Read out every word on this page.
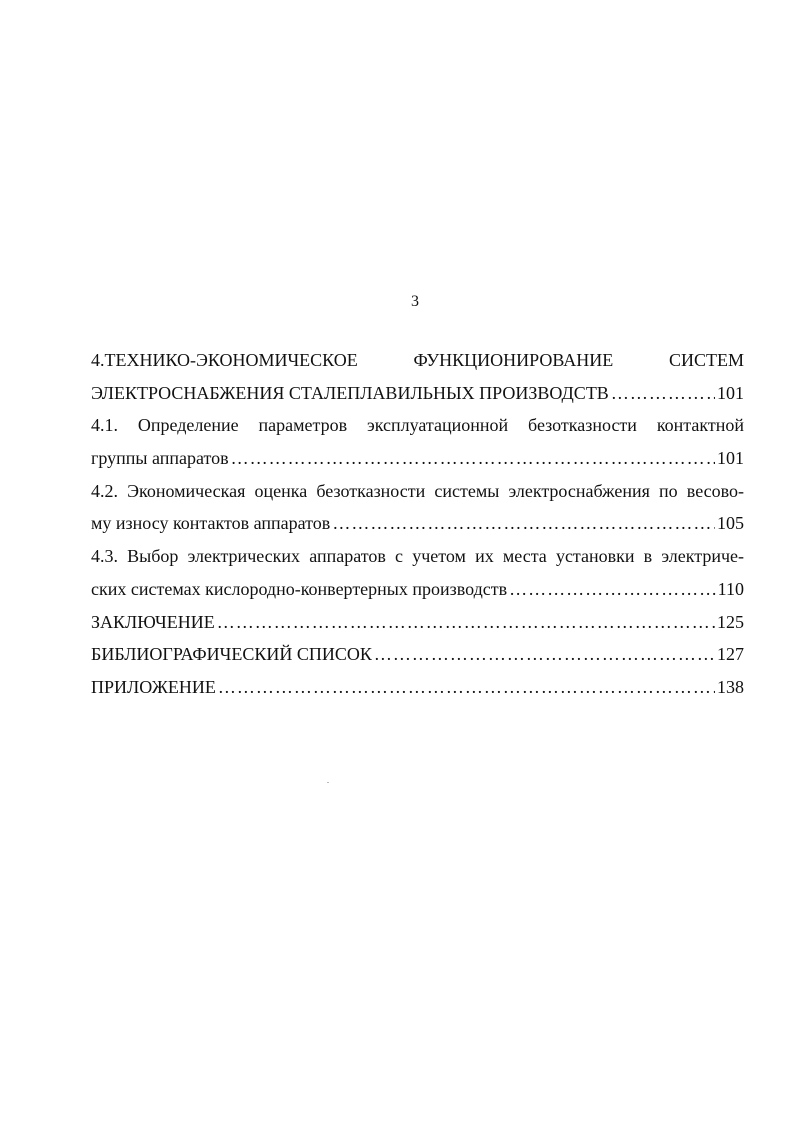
3
4.ТЕХНИКО-ЭКОНОМИЧЕСКОЕ ФУНКЦИОНИРОВАНИЕ СИСТЕМ
ЭЛЕКТРОСНАБЖЕНИЯ СТАЛЕПЛАВИЛЬНЫХ ПРОИЗВОДСТВ …………………………………………………………………………………………………………………………………………………………	101
4.1. Определение параметров эксплуатационной безотказности контактной
группы аппаратов …………………………………………………………………………………………………………………………………………………………	101
4.2. Экономическая оценка безотказности системы электроснабжения по весово-
му износу контактов аппаратов …………………………………………………………………………………………………………………………………………………………	105
4.3. Выбор электрических аппаратов с учетом их места установки в электриче-
ских системах кислородно-конвертерных производств …………………………………………………………………………………………………………………………………………………………	110
ЗАКЛЮЧЕНИЕ …………………………………………………………………………………………………………………………………………………………	125
БИБЛИОГРАФИЧЕСКИЙ СПИСОК …………………………………………………………………………………………………………………………………………………………	127
ПРИЛОЖЕНИЕ …………………………………………………………………………………………………………………………………………………………	138
